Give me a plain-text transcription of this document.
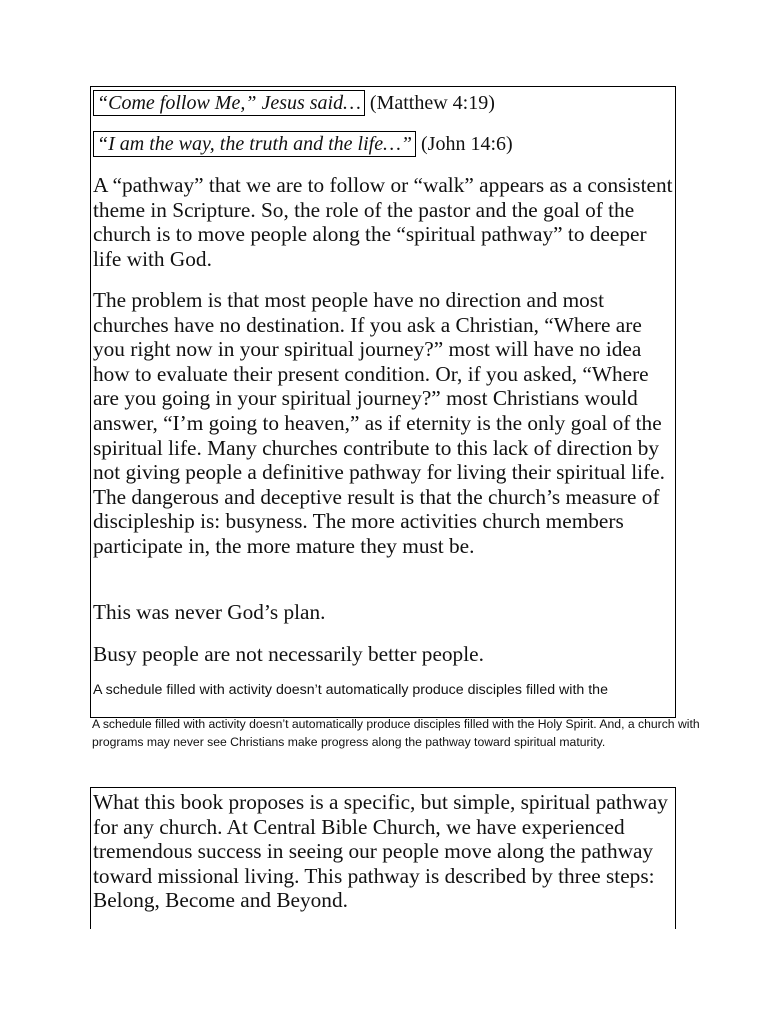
“Come follow Me,” Jesus said… (Matthew 4:19)
“I am the way, the truth and the life…” (John 14:6)

A “pathway” that we are to follow or “walk” appears as a consistent theme in Scripture. So, the role of the pastor and the goal of the church is to move people along the “spiritual pathway” to deeper life with God.

The problem is that most people have no direction and most churches have no destination. If you ask a Christian, “Where are you right now in your spiritual journey?” most will have no idea how to evaluate their present condition. Or, if you asked, “Where are you going in your spiritual journey?” most Christians would answer, “I’m going to heaven,” as if eternity is the only goal of the spiritual life. Many churches contribute to this lack of direction by not giving people a definitive pathway for living their spiritual life. The dangerous and deceptive result is that the church’s measure of discipleship is: busyness. The more activities church members participate in, the more mature they must be.

This was never God’s plan.

Busy people are not necessarily better people.

A schedule filled with activity doesn’t automatically produce disciples filled with the

A schedule filled with activity doesn’t automatically produce disciples filled with the Holy Spirit. And, a church with programs may never see Christians make progress along the pathway toward spiritual maturity.

What this book proposes is a specific, but simple, spiritual pathway for any church. At Central Bible Church, we have experienced tremendous success in seeing our people move along the pathway toward missional living. This pathway is described by three steps: Belong, Become and Beyond.
